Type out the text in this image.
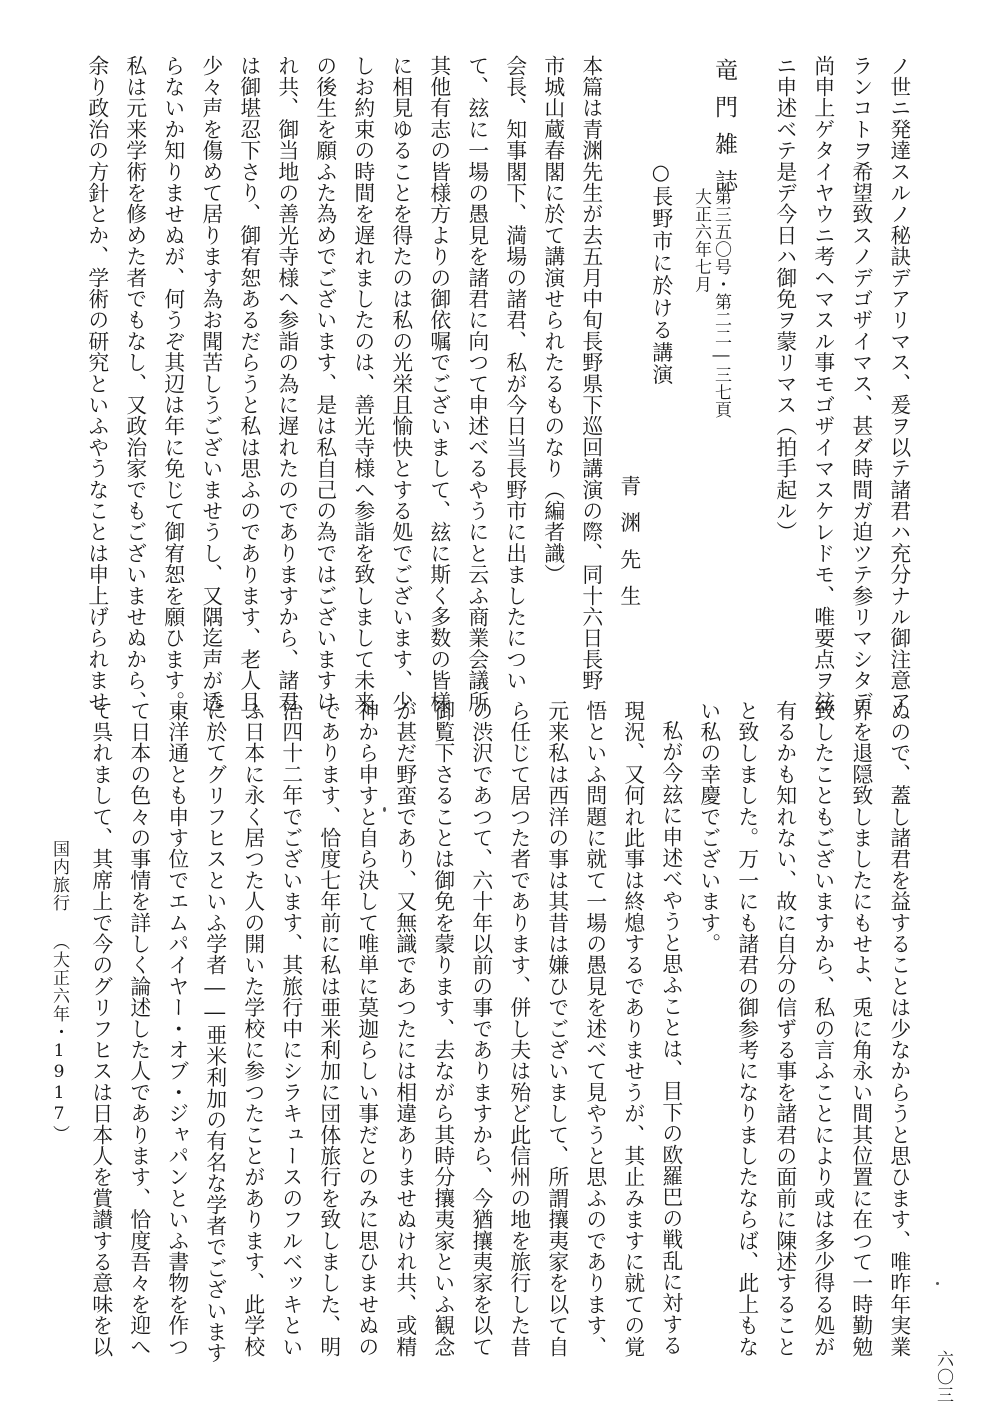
ノ世ニ発達スルノ秘訣デアリマス、爰ヲ以テ諸君ハ充分ナル御注意ア
ランコトヲ希望致スノデゴザイマス、甚ダ時間ガ迫ツテ参リマシタデ
尚申上ゲタイヤウニ考ヘマスル事モゴザイマスケレドモ、唯要点ヲ玆
ニ申述ベテ是デ今日ハ御免ヲ蒙リマス（拍手起ル）
竜門雑誌
第三五〇号・第二二―三七頁
大正六年七月
○長野市に於ける講演
青渊先生
本篇は青渊先生が去五月中旬長野県下巡回講演の際、同十六日長野
市城山蔵春閣に於て講演せられたるものなり（編者識）
会長、知事閣下、満場の諸君、私が今日当長野市に出ましたについ
て、玆に一場の愚見を諸君に向つて申述べるやうにと云ふ商業会議所
其他有志の皆様方よりの御依嘱でございまして、玆に斯く多数の皆様
に相見ゆることを得たのは私の光栄且愉快とする処でございます、少
しお約束の時間を遅れましたのは、善光寺様へ参詣を致しまして未来
の後生を願ふた為めでございます、是は私自己の為ではございますけ
れ共、御当地の善光寺様へ参詣の為に遅れたのでありますから、諸君
は御堪忍下さり、御宥恕あるだらうと私は思ふのであります、老人且
少々声を傷めて居ります為お聞苦しうございませうし、又隅迄声が透
らないか知りませぬが、何うぞ其辺は年に免じて御宥恕を願ひます。
私は元来学術を修めた者でもなし、又政治家でもございませぬから、
余り政治の方針とか、学術の研究といふやうなことは申上げられませ
国内旅行 （大正六年・1917）	ぬので、蓋し諸君を益することは少なからうと思ひます、唯昨年実業
界を退隠致しましたにもせよ、兎に角永い間其位置に在つて一時勤勉
致したこともございますから、私の言ふことにより或は多少得る処が
有るかも知れない、故に自分の信ずる事を諸君の面前に陳述すること
と致しました。万一にも諸君の御参考になりましたならば、此上もな
い私の幸慶でございます。
私が今玆に申述べやうと思ふことは、目下の欧羅巴の戦乱に対する
現況、又何れ此事は終熄するでありませうが、其止みますに就ての覚
悟といふ問題に就て一場の愚見を述べて見やうと思ふのであります、
元来私は西洋の事は其昔は嫌ひでございまして、所謂攘夷家を以て自
ら任じて居つた者であります、併し夫は殆ど此信州の地を旅行した昔
の渋沢であつて、六十年以前の事でありますから、今猶攘夷家を以て
御覧下さることは御免を蒙ります、去ながら其時分攘夷家といふ観念
が甚だ野蛮であり、又無識であつたには相違ありませぬけれ共、或精
神から申すと自ら決して唯単に莫迦らしい事だとのみに思ひませぬの
であります、恰度七年前に私は亜米利加に団体旅行を致しました、明
治四十二年でございます、其旅行中にシラキュースのフルベッキとい
ふ日本に永く居つた人の開いた学校に参つたことがあります、此学校
に於てグリフヒスといふ学者――亜米利加の有名な学者でございます
東洋通とも申す位でエムパイヤー・オブ・ジャパンといふ書物を作つ
て日本の色々の事情を詳しく論述した人であります、恰度吾々を迎へ
て呉れまして、其席上で今のグリフヒスは日本人を賞讃する意味を以
六〇三
